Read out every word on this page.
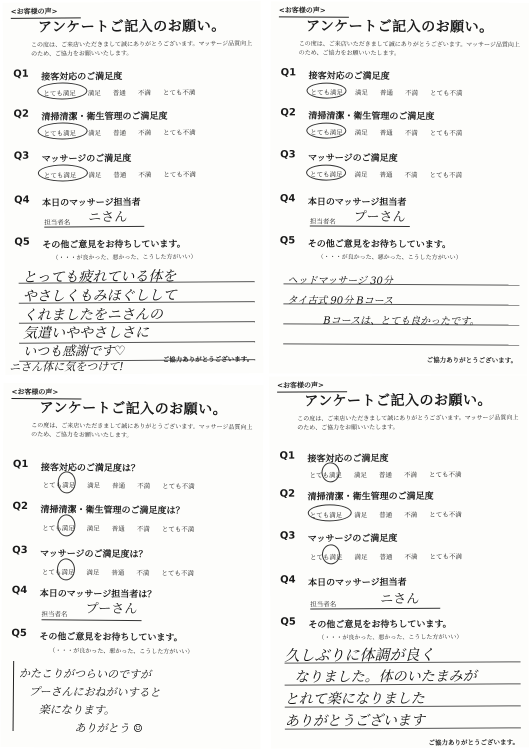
<お客様の声>
アンケートご記入のお願い。
この度は、ご来店いただきまして誠にありがとうございます。マッサージ品質向上のため、ご協力をお願いいたします。
Q1 接客対応のご満足度
とても満足 満足 普通 不満 とても不満
Q2 清掃清潔・衛生管理のご満足度
とても満足 満足 普通 不満 とても不満
Q3 マッサージのご満足度
とても満足 満足 普通 不満 とても不満
Q4 本日のマッサージ担当者
担当者名 ニさん
Q5 その他ご意見をお待ちしています。
（・・・が良かった、悪かった、こうした方がいい）
とっても疲れている体を
やさしくもみほぐしして
くれましたをニさんの
気遣いややさしさに
いつも感謝です♡
ニさん体に気をつけて!
ご協力ありがとうございます。
<お客様の声>
アンケートご記入のお願い。
この度は、ご来店いただきまして誠にありがとうございます。マッサージ品質向上のため、ご協力をお願いいたします。
Q1 接客対応のご満足度
とても満足 満足 普通 不満 とても不満
Q2 清掃清潔・衛生管理のご満足度
とても満足 満足 普通 不満 とても不満
Q3 マッサージのご満足度
とても満足 満足 普通 不満 とても不満
Q4 本日のマッサージ担当者
担当者名 プーさん
Q5 その他ご意見をお待ちしています。
（・・・が良かった、悪かった、こうした方がいい）
ヘッドマッサージ 30分
タイ古式 90分 Bコース
Bコースは、とても良かったです。
ご協力ありがとうございます。
<お客様の声>
アンケートご記入のお願い。
この度は、ご来店いただきまして誠にありがとうございます。マッサージ品質向上のため、ご協力をお願いいたします。
Q1 接客対応のご満足度は？
とても満足 満足 普通 不満 とても不満
Q2 清掃清潔・衛生管理のご満足度は？
とても満足 満足 普通 不満 とても不満
Q3 マッサージのご満足度は？
とても満足 満足 普通 不満 とても不満
Q4 本日のマッサージ担当者は？
担当者名 プーさん
Q5 その他ご意見をお待ちしています。
（・・・が良かった、悪かった、こうした方がいい）
かたこりがつらいのですが
プーさんにおねがいすると
楽になります。
ありがとう ☺
<お客様の声>
アンケートご記入のお願い。
この度は、ご来店いただきまして誠にありがとうございます。マッサージ品質向上のため、ご協力をお願いいたします。
Q1 接客対応のご満足度
とても満足 満足 普通 不満 とても不満
Q2 清掃清潔・衛生管理のご満足度
とても満足 満足 普通 不満 とても不満
Q3 マッサージのご満足度
とても満足 満足 普通 不満 とても不満
Q4 本日のマッサージ担当者
担当者名	ニさん
Q5 その他ご意見をお待ちしています。
（・・・が良かった、悪かった、こうした方がいい）
久しぶりに体調が良く
なりました。体のいたまみが
とれて楽になりました
ありがとうございます
ご協力ありがとうございます。
